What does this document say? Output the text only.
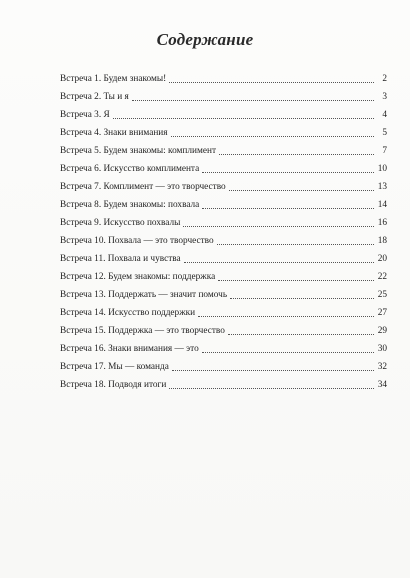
Содержание
Встреча 1. Будем знакомы!	2
Встреча 2. Ты и я	3
Встреча 3. Я	4
Встреча 4. Знаки внимания	5
Встреча 5. Будем знакомы: комплимент	7
Встреча 6. Искусство комплимента	10
Встреча 7. Комплимент — это творчество	13
Встреча 8. Будем знакомы: похвала	14
Встреча 9. Искусство похвалы	16
Встреча 10. Похвала — это творчество	18
Встреча 11. Похвала и чувства	20
Встреча 12. Будем знакомы: поддержка	22
Встреча 13. Поддержать — значит помочь	25
Встреча 14. Искусство поддержки	27
Встреча 15. Поддержка — это творчество	29
Встреча 16. Знаки внимания — это	30
Встреча 17. Мы — команда	32
Встреча 18. Подводя итоги	34
